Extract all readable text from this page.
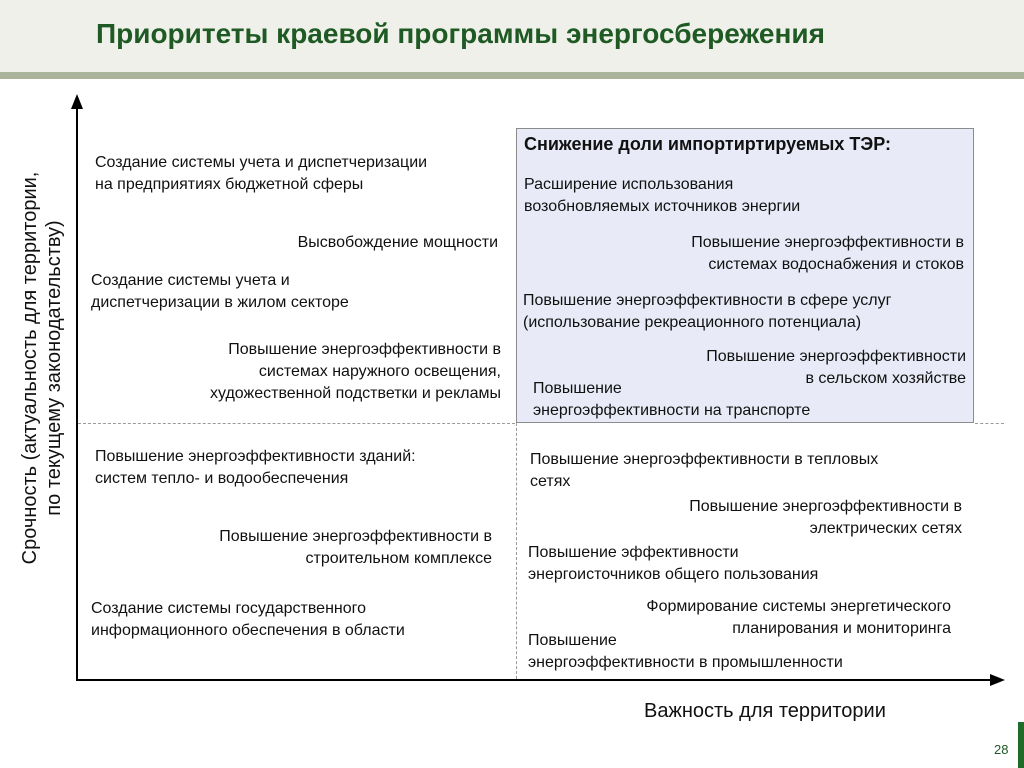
Приоритеты краевой программы энергосбережения
Срочность (актуальность для территории, по текущему законодательству)
Важность для территории
Создание системы учета и диспетчеризации
на предприятиях бюджетной сферы
Высвобождение мощности
Создание системы учета и
диспетчеризации в жилом секторе
Повышение энергоэффективности в
системах наружного освещения,
художественной подстветки и рекламы
Снижение доли импортиртируемых ТЭР:
Расширение использования
возобновляемых источников энергии
Повышение энергоэффективности в
системах водоснабжения и стоков
Повышение энергоэффективности в сфере услуг
(использование рекреационного потенциала)
Повышение энергоэффективности
в сельском хозяйстве
Повышение
энергоэффективности на транспорте
Повышение энергоэффективности зданий:
систем тепло- и водообеспечения
Повышение энергоэффективности в
строительном комплексе
Создание системы государственного
информационного обеспечения в области
Повышение энергоэффективности в тепловых
сетях
Повышение энергоэффективности в
электрических сетях
Повышение эффективности
энергоисточников общего пользования
Формирование системы энергетического
планирования и мониторинга
Повышение
энергоэффективности в промышленности
28
